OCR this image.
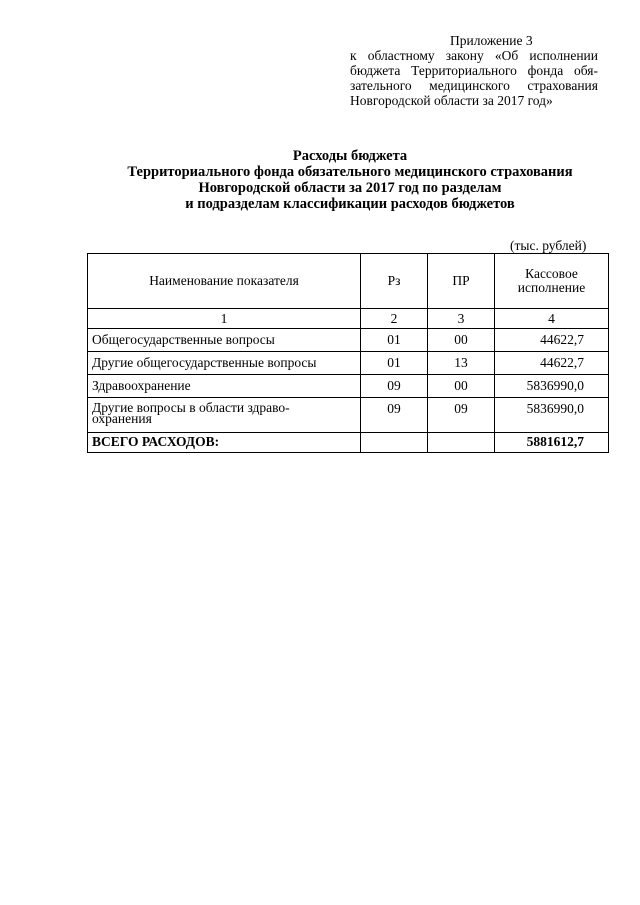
Приложение 3
к областному закону «Об исполнении
бюджета Территориального фонда обя-
зательного медицинского страхования
Новгородской области за 2017 год»
Расходы бюджета
Территориального фонда обязательного медицинского страхования
Новгородской области за 2017 год по разделам
и подразделам классификации расходов бюджетов
(тыс. рублей)
Наименование показателя	Рз	ПР	Кассовое исполнение
1	2	3	4
Общегосударственные вопросы	01	00	44622,7
Другие общегосударственные вопросы	01	13	44622,7
Здравоохранение	09	00	5836990,0

Другие вопросы в области здраво-
охранения	09	09	5836990,0
ВСЕГО РАСХОДОВ:			5881612,7
